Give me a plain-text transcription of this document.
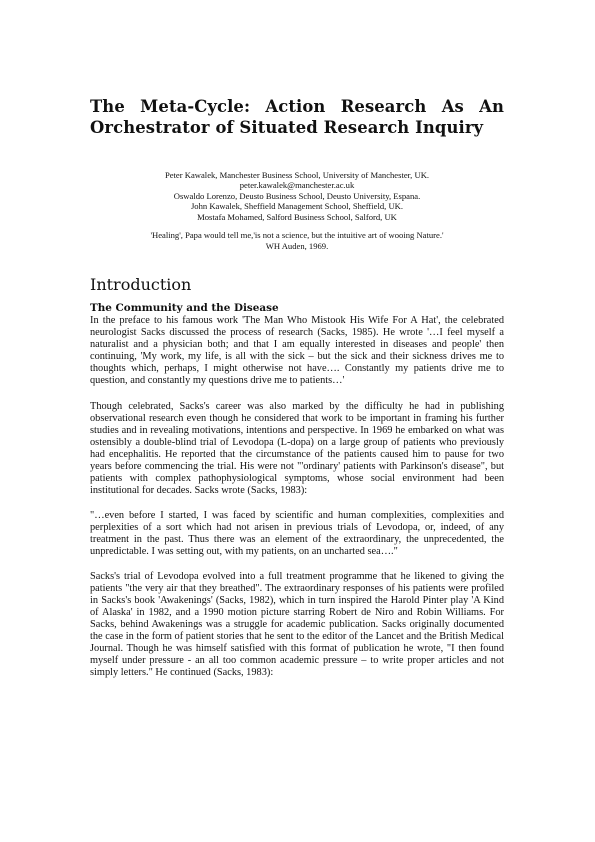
The Meta-Cycle: Action Research As An Orchestrator of Situated Research Inquiry
Peter Kawalek, Manchester Business School, University of Manchester, UK.
peter.kawalek@manchester.ac.uk
Oswaldo Lorenzo, Deusto Business School, Deusto University, Espana.
John Kawalek, Sheffield Management School, Sheffield, UK.
Mostafa Mohamed, Salford Business School, Salford, UK
'Healing', Papa would tell me,'is not a science, but the intuitive art of wooing Nature.'
WH Auden, 1969.
Introduction
The Community and the Disease

In the preface to his famous work 'The Man Who Mistook His Wife For A Hat', the celebrated neurologist Sacks discussed the process of research (Sacks, 1985). He wrote '…I feel myself a naturalist and a physician both; and that I am equally interested in diseases and people' then continuing, 'My work, my life, is all with the sick – but the sick and their sickness drives me to thoughts which, perhaps, I might otherwise not have…. Constantly my patients drive me to question, and constantly my questions drive me to patients…'

Though celebrated, Sacks's career was also marked by the difficulty he had in publishing observational research even though he considered that work to be important in framing his further studies and in revealing motivations, intentions and perspective. In 1969 he embarked on what was ostensibly a double-blind trial of Levodopa (L-dopa) on a large group of patients who previously had encephalitis. He reported that the circumstance of the patients caused him to pause for two years before commencing the trial. His were not "'ordinary' patients with Parkinson's disease", but patients with complex pathophysiological symptoms, whose social environment had been institutional for decades. Sacks wrote (Sacks, 1983):

"…even before I started, I was faced by scientific and human complexities, complexities and perplexities of a sort which had not arisen in previous trials of Levodopa, or, indeed, of any treatment in the past. Thus there was an element of the extraordinary, the unprecedented, the unpredictable. I was setting out, with my patients, on an uncharted sea…."

Sacks's trial of Levodopa evolved into a full treatment programme that he likened to giving the patients "the very air that they breathed". The extraordinary responses of his patients were profiled in Sacks's book 'Awakenings' (Sacks, 1982), which in turn inspired the Harold Pinter play 'A Kind of Alaska' in 1982, and a 1990 motion picture starring Robert de Niro and Robin Williams. For Sacks, behind Awakenings was a struggle for academic publication. Sacks originally documented the case in the form of patient stories that he sent to the editor of the Lancet and the British Medical Journal. Though he was himself satisfied with this format of publication he wrote, "I then found myself under pressure - an all too common academic pressure – to write proper articles and not simply letters." He continued (Sacks, 1983):
